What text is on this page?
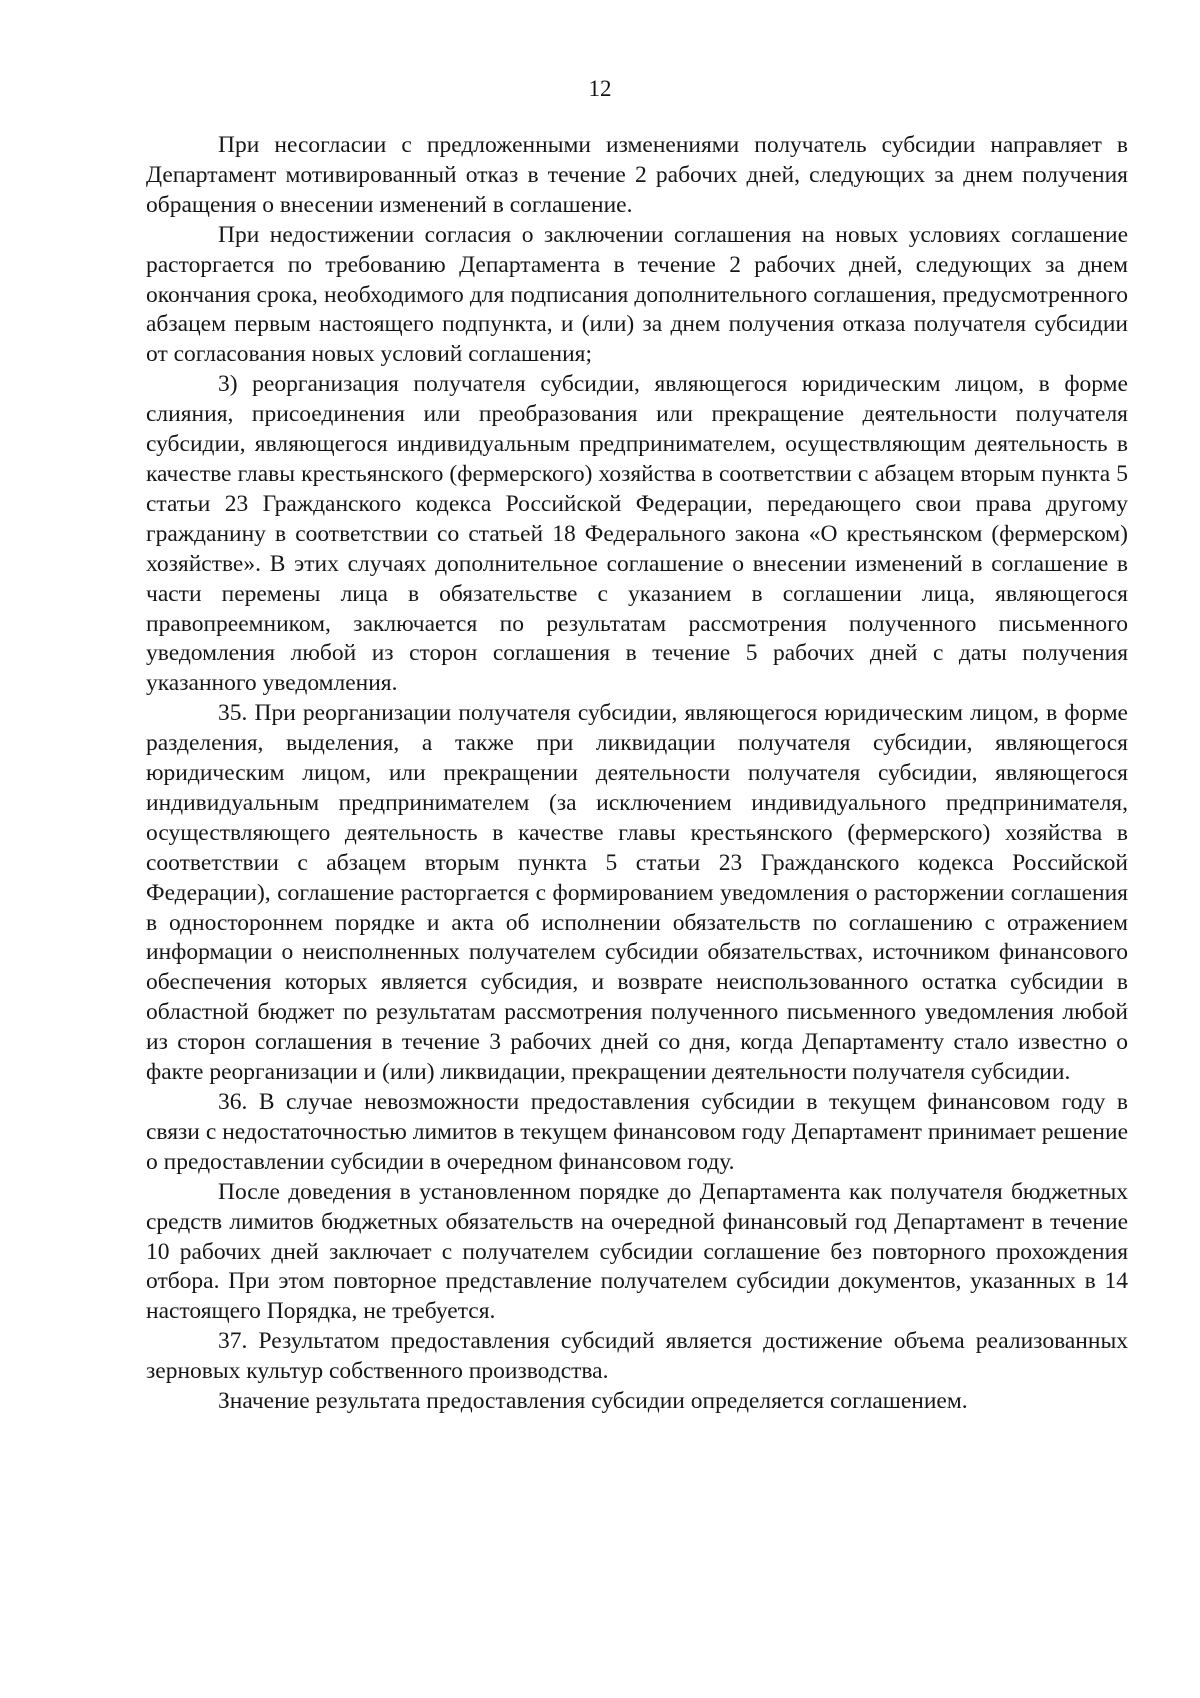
12

При несогласии с предложенными изменениями получатель субсидии направляет в Департамент мотивированный отказ в течение 2 рабочих дней, следующих за днем получения обращения о внесении изменений в соглашение.

При недостижении согласия о заключении соглашения на новых условиях соглашение расторгается по требованию Департамента в течение 2 рабочих дней, следующих за днем окончания срока, необходимого для подписания дополнительного соглашения, предусмотренного абзацем первым настоящего подпункта, и (или) за днем получения отказа получателя субсидии от согласования новых условий соглашения;

3) реорганизация получателя субсидии, являющегося юридическим лицом, в форме слияния, присоединения или преобразования или прекращение деятельности получателя субсидии, являющегося индивидуальным предпринимателем, осуществляющим деятельность в качестве главы крестьянского (фермерского) хозяйства в соответствии с абзацем вторым пункта 5 статьи 23 Гражданского кодекса Российской Федерации, передающего свои права другому гражданину в соответствии со статьей 18 Федерального закона «О крестьянском (фермерском) хозяйстве». В этих случаях дополнительное соглашение о внесении изменений в соглашение в части перемены лица в обязательстве с указанием в соглашении лица, являющегося правопреемником, заключается по результатам рассмотрения полученного письменного уведомления любой из сторон соглашения в течение 5 рабочих дней с даты получения указанного уведомления.

35. При реорганизации получателя субсидии, являющегося юридическим лицом, в форме разделения, выделения, а также при ликвидации получателя субсидии, являющегося юридическим лицом, или прекращении деятельности получателя субсидии, являющегося индивидуальным предпринимателем (за исключением индивидуального предпринимателя, осуществляющего деятельность в качестве главы крестьянского (фермерского) хозяйства в соответствии с абзацем вторым пункта 5 статьи 23 Гражданского кодекса Российской Федерации), соглашение расторгается с формированием уведомления о расторжении соглашения в одностороннем порядке и акта об исполнении обязательств по соглашению с отражением информации о неисполненных получателем субсидии обязательствах, источником финансового обеспечения которых является субсидия, и возврате неиспользованного остатка субсидии в областной бюджет по результатам рассмотрения полученного письменного уведомления любой из сторон соглашения в течение 3 рабочих дней со дня, когда Департаменту стало известно о факте реорганизации и (или) ликвидации, прекращении деятельности получателя субсидии.

36. В случае невозможности предоставления субсидии в текущем финансовом году в связи с недостаточностью лимитов в текущем финансовом году Департамент принимает решение о предоставлении субсидии в очередном финансовом году.

После доведения в установленном порядке до Департамента как получателя бюджетных средств лимитов бюджетных обязательств на очередной финансовый год Департамент в течение 10 рабочих дней заключает с получателем субсидии соглашение без повторного прохождения отбора. При этом повторное представление получателем субсидии документов, указанных в 14 настоящего Порядка, не требуется.

37. Результатом предоставления субсидий является достижение объема реализованных зерновых культур собственного производства.

Значение результата предоставления субсидии определяется соглашением.
